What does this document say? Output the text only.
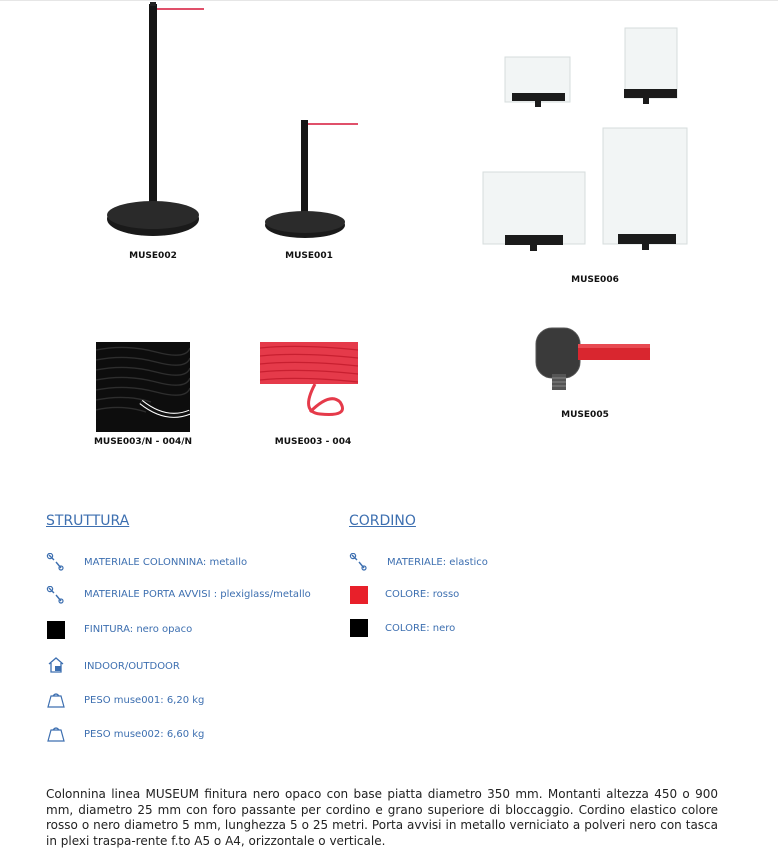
MUSE002	MUSE001
MUSE006
MUSE003/N - 004/N	MUSE003 - 004
MUSE005
STRUTTURA
MATERIALE COLONNINA: metallo
MATERIALE PORTA AVVISI : plexiglass/metallo
FINITURA: nero opaco
INDOOR/OUTDOOR
PESO muse001: 6,20 kg
PESO muse002: 6,60 kg
CORDINO
MATERIALE: elastico
COLORE: rosso
COLORE: nero
Colonnina linea MUSEUM finitura nero opaco con base piatta diametro 350 mm. Montanti altezza 450 o 900 mm, diametro 25 mm con foro passante per cordino e grano superiore di bloccaggio. Cordino elastico colore rosso o nero diametro 5 mm, lunghezza 5 o 25 metri. Porta avvisi in metallo verniciato a polveri nero con tasca in plexi traspa-rente f.to A5 o A4, orizzontale o verticale.
